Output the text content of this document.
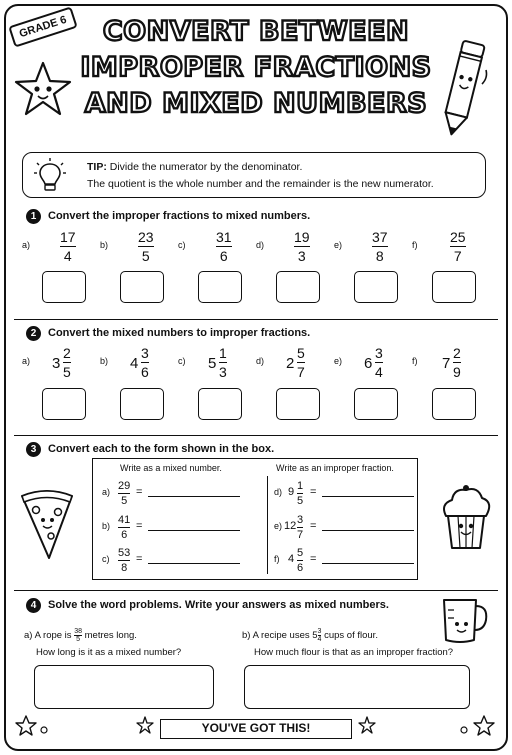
GRADE 6	CONVERT BETWEEN
IMPROPER FRACTIONS
AND MIXED NUMBERS
TIP: Divide the numerator by the denominator.
The quotient is the whole number and the remainder is the new numerator.
1	Convert the improper fractions to mixed numbers.
a) 17
4
b) 23
5
c) 31
6
d) 19
3
e) 37
8
f) 25
7
2	Convert the mixed numbers to improper fractions.
a) 3
2
5
b) 4
3
6
c) 5
1
3
d) 2
5
7
e) 6
3
4
f) 7
2
9
3	Convert each to the form shown in the box.
Write as a mixed number.	Write as an improper fraction.
a) 29
5
=
b) 41
6
=
c) 53
8
=
d) 9 1
5
=
e) 12 3
7
=
f) 4 5
6
=
4	Solve the word problems. Write your answers as mixed numbers.
a) A rope is $\frac{38}{5}$ metres long.
How long is it as a mixed number?
b) A recipe uses $5 \frac{3}{4}$ cups of flour.
How much flour is that as an improper fraction?
YOU'VE GOT THIS!
